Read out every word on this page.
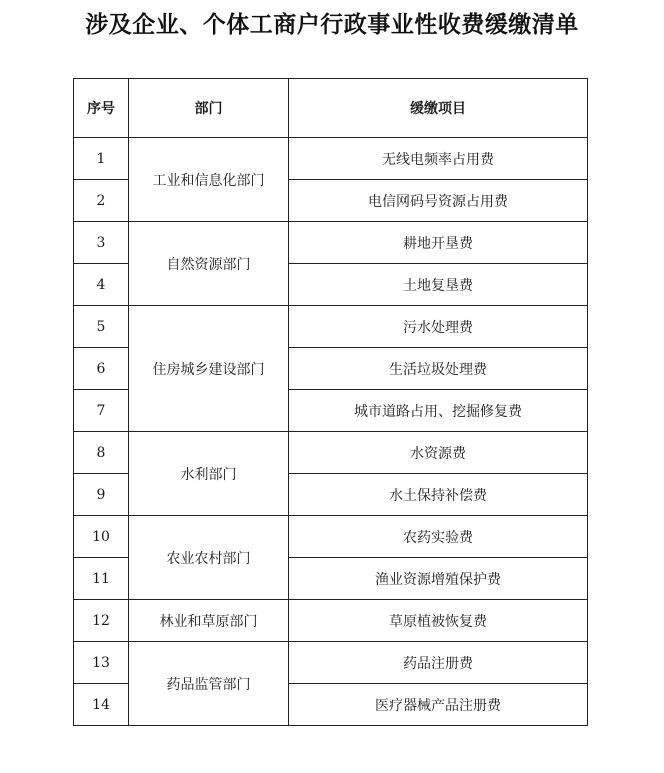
涉及企业、个体工商户行政事业性收费缓缴清单
序号	部门	缓缴项目
1	工业和信息化部门	无线电频率占用费
2		电信网码号资源占用费
3	自然资源部门	耕地开垦费
4		土地复垦费
5	住房城乡建设部门	污水处理费
6		生活垃圾处理费
7		城市道路占用、挖掘修复费
8	水利部门	水资源费
9		水土保持补偿费
10	农业农村部门	农药实验费
11		渔业资源增殖保护费
12	林业和草原部门	草原植被恢复费
13	药品监管部门	药品注册费
14		医疗器械产品注册费
